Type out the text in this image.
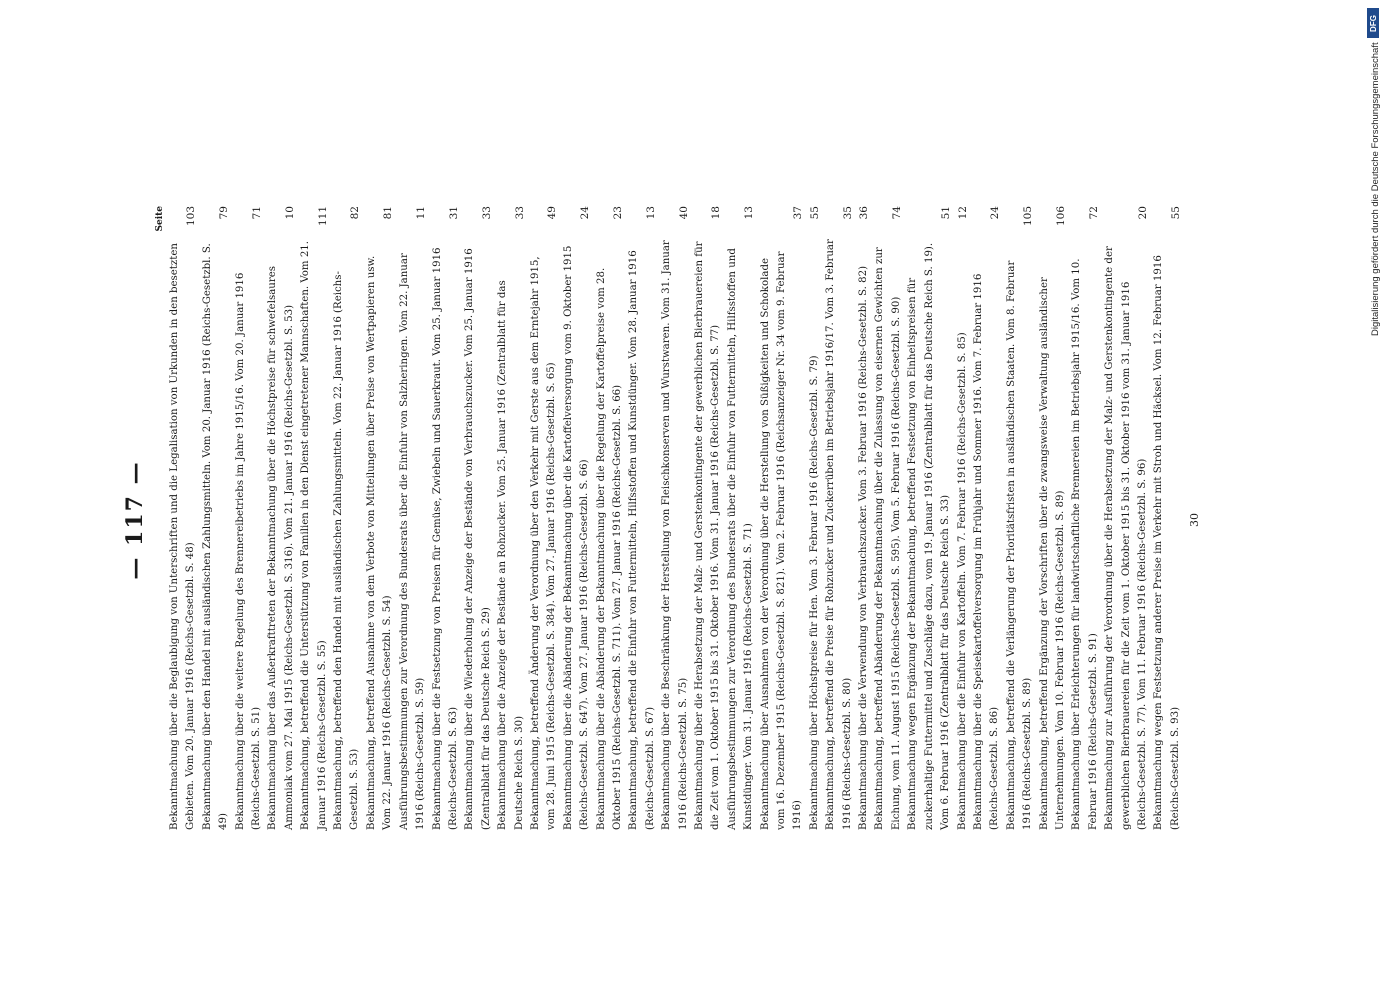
— 117 —
Seite
Bekanntmachung über die Beglaubigung von Unterschriften und die Legalisation von Urkunden in den besetzten Gebieten. Vom 20. Januar 1916 (Reichs-Gesetzbl. S. 48)
103
Bekanntmachung über den Handel mit ausländischen Zahlungsmitteln. Vom 20. Januar 1916 (Reichs-Gesetzbl. S. 49)
79
Bekanntmachung über die weitere Regelung des Brennereibetriebs im Jahre 1915/16. Vom 20. Januar 1916 (Reichs-Gesetzbl. S. 51)
71
Bekanntmachung über das Außerkrafttreten der Bekanntmachung über die Höchstpreise für schwefelsaures Ammoniak vom 27. Mai 1915 (Reichs-Gesetzbl. S. 316). Vom 21. Januar 1916 (Reichs-Gesetzbl. S. 53)
10
Bekanntmachung, betreffend die Unterstützung von Familien in den Dienst eingetretener Mannschaften. Vom 21. Januar 1916 (Reichs-Gesetzbl. S. 55)
111
Bekanntmachung, betreffend den Handel mit ausländischen Zahlungsmitteln. Vom 22. Januar 1916 (Reichs-Gesetzbl. S. 53)
82
Bekanntmachung, betreffend Ausnahme von dem Verbote von Mitteilungen über Preise von Wertpapieren usw. Vom 22. Januar 1916 (Reichs-Gesetzbl. S. 54)
81
Ausführungsbestimmungen zur Verordnung des Bundesrats über die Einfuhr von Salzheringen. Vom 22. Januar 1916 (Reichs-Gesetzbl. S. 59)
11
Bekanntmachung über die Festsetzung von Preisen für Gemüse, Zwiebeln und Sauerkraut. Vom 25. Januar 1916 (Reichs-Gesetzbl. S. 63)
31
Bekanntmachung über die Wiederholung der Anzeige der Bestände von Verbrauchszucker. Vom 25. Januar 1916 (Zentralblatt für das Deutsche Reich S. 29)
33
Bekanntmachung über die Anzeige der Bestände an Rohzucker. Vom 25. Januar 1916 (Zentralblatt für das Deutsche Reich S. 30)
33
Bekanntmachung, betreffend Änderung der Verordnung über den Verkehr mit Gerste aus dem Erntejahr 1915, vom 28. Juni 1915 (Reichs-Gesetzbl. S. 384). Vom 27. Januar 1916 (Reichs-Gesetzbl. S. 65)
49
Bekanntmachung über die Abänderung der Bekanntmachung über die Kartoffelversorgung vom 9. Oktober 1915 (Reichs-Gesetzbl. S. 647). Vom 27. Januar 1916 (Reichs-Gesetzbl. S. 66)
24
Bekanntmachung über die Abänderung der Bekanntmachung über die Regelung der Kartoffelpreise vom 28. Oktober 1915 (Reichs-Gesetzbl. S. 711). Vom 27. Januar 1916 (Reichs-Gesetzbl. S. 66)
23
Bekanntmachung, betreffend die Einfuhr von Futtermitteln, Hilfsstoffen und Kunstdünger. Vom 28. Januar 1916 (Reichs-Gesetzbl. S. 67)
13
Bekanntmachung über die Beschränkung der Herstellung von Fleischkonserven und Wurstwaren. Vom 31. Januar 1916 (Reichs-Gesetzbl. S. 75)
40
Bekanntmachung über die Herabsetzung der Malz- und Gerstenkontingente der gewerblichen Bierbrauereien für die Zeit vom 1. Oktober 1915 bis 31. Oktober 1916. Vom 31. Januar 1916 (Reichs-Gesetzbl. S. 77)
18
Ausführungsbestimmungen zur Verordnung des Bundesrats über die Einfuhr von Futtermitteln, Hilfsstoffen und Kunstdünger. Vom 31. Januar 1916 (Reichs-Gesetzbl. S. 71)
13
Bekanntmachung über Ausnahmen von der Verordnung über die Herstellung von Süßigkeiten und Schokolade vom 16. Dezember 1915 (Reichs-Gesetzbl. S. 821). Vom 2. Februar 1916 (Reichsanzeiger Nr. 34 vom 9. Februar 1916)
37
Bekanntmachung über Höchstpreise für Hen. Vom 3. Februar 1916 (Reichs-Gesetzbl. S. 79)
55
Bekanntmachung, betreffend die Preise für Rohzucker und Zuckerrüben im Betriebsjahr 1916/17. Vom 3. Februar 1916 (Reichs-Gesetzbl. S. 80)
35
Bekanntmachung über die Verwendung von Verbrauchszucker. Vom 3. Februar 1916 (Reichs-Gesetzbl. S. 82)
36
Bekanntmachung, betreffend Abänderung der Bekanntmachung über die Zulassung von eisernen Gewichten zur Eichung, vom 11. August 1915 (Reichs-Gesetzbl. S. 595). Vom 5. Februar 1916 (Reichs-Gesetzbl. S. 90)
74
Bekanntmachung wegen Ergänzung der Bekanntmachung, betreffend Festsetzung von Einheitspreisen für zuckerhaltige Futtermittel und Zuschläge dazu, vom 19. Januar 1916 (Zentralblatt für das Deutsche Reich S. 19). Vom 6. Februar 1916 (Zentralblatt für das Deutsche Reich S. 33)
51
Bekanntmachung über die Einfuhr von Kartoffeln. Vom 7. Februar 1916 (Reichs-Gesetzbl. S. 85)
12
Bekanntmachung über die Speisekartoffelversorgung im Frühjahr und Sommer 1916. Vom 7. Februar 1916 (Reichs-Gesetzbl. S. 86)
24
Bekanntmachung, betreffend die Verlängerung der Prioritätsfristen in ausländischen Staaten. Vom 8. Februar 1916 (Reichs-Gesetzbl. S. 89)
105
Bekanntmachung, betreffend Ergänzung der Vorschriften über die zwangsweise Verwaltung ausländischer Unternehmungen. Vom 10. Februar 1916 (Reichs-Gesetzbl. S. 89)
106
Bekanntmachung über Erleichterungen für landwirtschaftliche Brennereien im Betriebsjahr 1915/16. Vom 10. Februar 1916 (Reichs-Gesetzbl. S. 91)
72
Bekanntmachung zur Ausführung der Verordnung über die Herabsetzung der Malz- und Gerstenkontingente der gewerblichen Bierbrauereien für die Zeit vom 1. Oktober 1915 bis 31. Oktober 1916 vom 31. Januar 1916 (Reichs-Gesetzbl. S. 77). Vom 11. Februar 1916 (Reichs-Gesetzbl. S. 96)
20
Bekanntmachung wegen Festsetzung anderer Preise im Verkehr mit Stroh und Häcksel. Vom 12. Februar 1916 (Reichs-Gesetzbl. S. 93)
55
30
DFG
Digitalisierung gefördert durch die Deutsche Forschungsgemeinschaft
